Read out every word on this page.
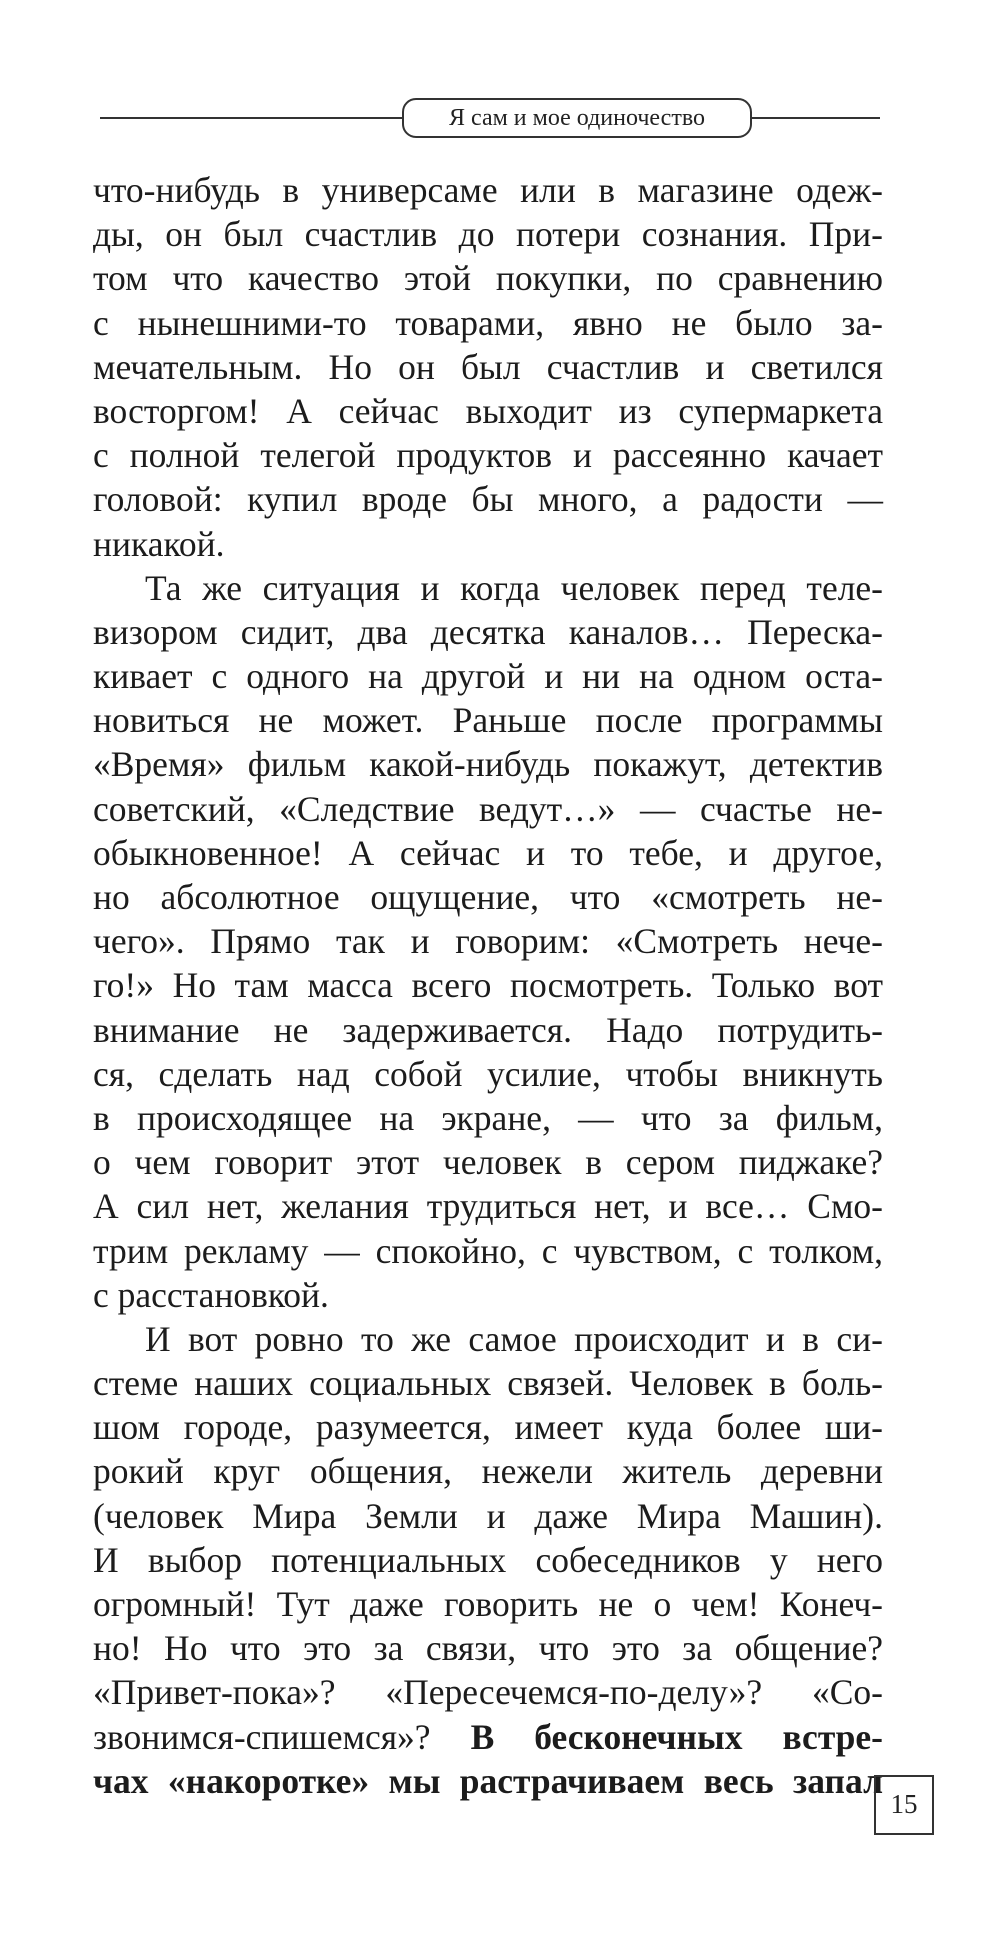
Я сам и мое одиночество
что-нибудь в универсаме или в магазине одеж-
ды, он был счастлив до потери сознания. При-
том что качество этой покупки, по сравнению
с нынешними-то товарами, явно не было за-
мечательным. Но он был счастлив и светился
восторгом! А сейчас выходит из супермаркета
с полной телегой продуктов и рассеянно качает
головой: купил вроде бы много, а радости —
никакой.
Та же ситуация и когда человек перед теле-
визором сидит, два десятка каналов… Переска-
кивает с одного на другой и ни на одном оста-
новиться не может. Раньше после программы
«Время» фильм какой-нибудь покажут, детектив
советский, «Следствие ведут…» — счастье не-
обыкновенное! А сейчас и то тебе, и другое,
но абсолютное ощущение, что «смотреть не-
чего». Прямо так и говорим: «Смотреть нече-
го!» Но там масса всего посмотреть. Только вот
внимание не задерживается. Надо потрудить-
ся, сделать над собой усилие, чтобы вникнуть
в происходящее на экране, — что за фильм,
о чем говорит этот человек в сером пиджаке?
А сил нет, желания трудиться нет, и все… Смо-
трим рекламу — спокойно, с чувством, с толком,
с расстановкой.
И вот ровно то же самое происходит и в си-
стеме наших социальных связей. Человек в боль-
шом городе, разумеется, имеет куда более ши-
рокий круг общения, нежели житель деревни
(человек Мира Земли и даже Мира Машин).
И выбор потенциальных собеседников у него
огромный! Тут даже говорить не о чем! Конеч-
но! Но что это за связи, что это за общение?
«Привет-пока»? «Пересечемся-по-делу»? «Со-
звонимся-спишемся»? В бесконечных встре-
чах «накоротке» мы растрачиваем весь запал
15
